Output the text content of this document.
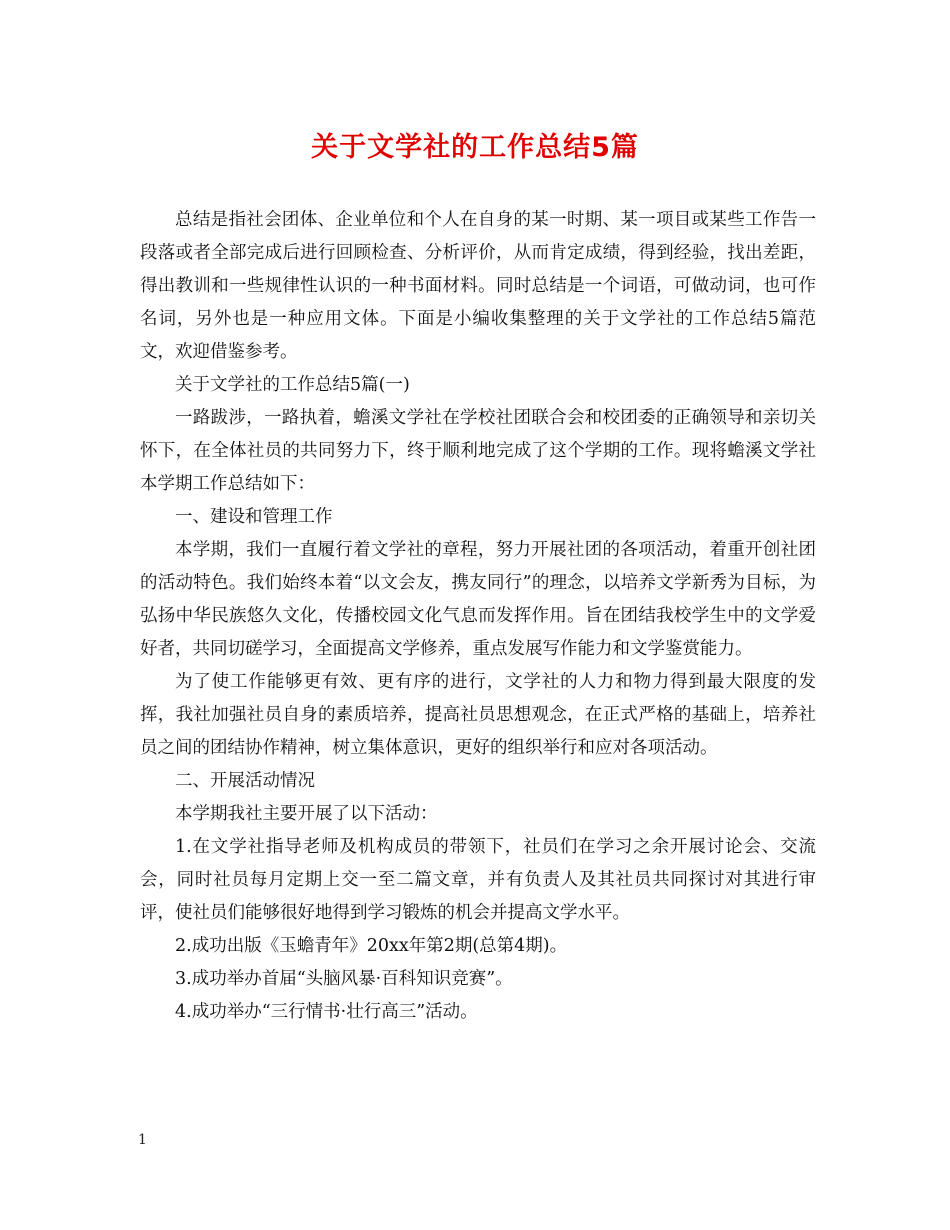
关于文学社的工作总结5篇

总结是指社会团体、企业单位和个人在自身的某一时期、某一项目或某些工作告一段落或者全部完成后进行回顾检查、分析评价，从而肯定成绩，得到经验，找出差距，得出教训和一些规律性认识的一种书面材料。同时总结是一个词语，可做动词，也可作名词，另外也是一种应用文体。下面是小编收集整理的关于文学社的工作总结5篇范文，欢迎借鉴参考。

关于文学社的工作总结5篇(一)

一路跋涉，一路执着，蟾溪文学社在学校社团联合会和校团委的正确领导和亲切关怀下，在全体社员的共同努力下，终于顺利地完成了这个学期的工作。现将蟾溪文学社本学期工作总结如下：

一、建设和管理工作

本学期，我们一直履行着文学社的章程，努力开展社团的各项活动，着重开创社团的活动特色。我们始终本着“以文会友，携友同行”的理念，以培养文学新秀为目标，为弘扬中华民族悠久文化，传播校园文化气息而发挥作用。旨在团结我校学生中的文学爱好者，共同切磋学习，全面提高文学修养，重点发展写作能力和文学鉴赏能力。

为了使工作能够更有效、更有序的进行，文学社的人力和物力得到最大限度的发挥，我社加强社员自身的素质培养，提高社员思想观念，在正式严格的基础上，培养社员之间的团结协作精神，树立集体意识，更好的组织举行和应对各项活动。

二、开展活动情况

本学期我社主要开展了以下活动：

1.在文学社指导老师及机构成员的带领下，社员们在学习之余开展讨论会、交流会，同时社员每月定期上交一至二篇文章，并有负责人及其社员共同探讨对其进行审评，使社员们能够很好地得到学习锻炼的机会并提高文学水平。

2.成功出版《玉蟾青年》20xx年第2期(总第4期)。

3.成功举办首届“头脑风暴·百科知识竞赛”。

4.成功举办“三行情书·壮行高三”活动。

1
